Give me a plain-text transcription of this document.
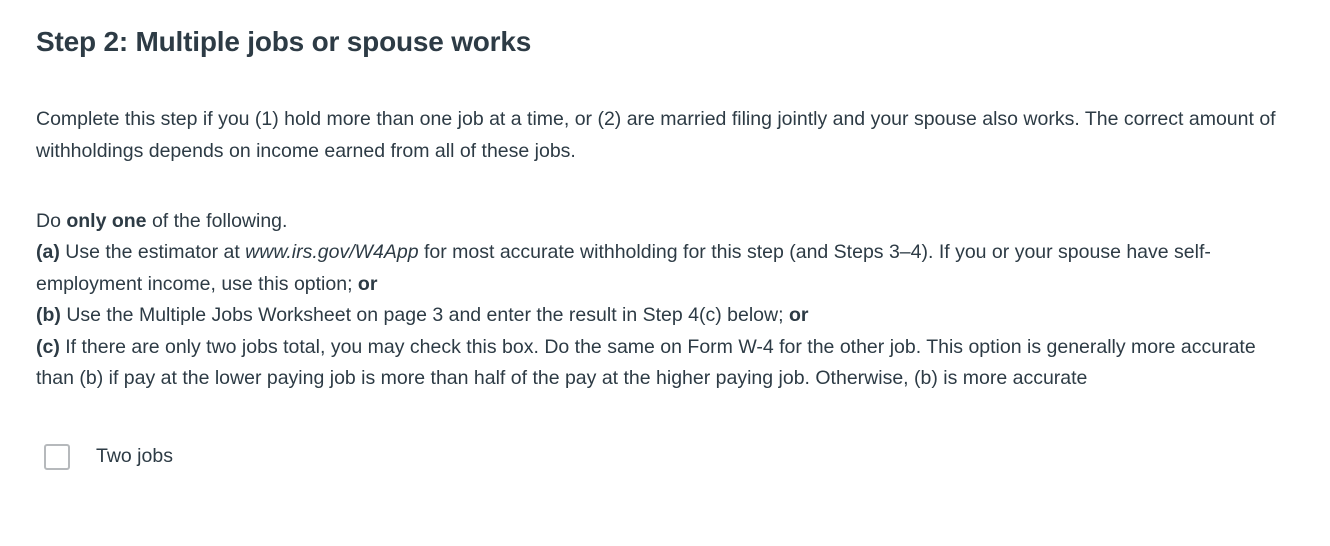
Step 2: Multiple jobs or spouse works

Complete this step if you (1) hold more than one job at a time, or (2) are married filing jointly and your spouse also works. The correct amount of withholdings depends on income earned from all of these jobs.

Do only one of the following.
(a) Use the estimator at www.irs.gov/W4App for most accurate withholding for this step (and Steps 3–4). If you or your spouse have self-employment income, use this option; or
(b) Use the Multiple Jobs Worksheet on page 3 and enter the result in Step 4(c) below; or
(c) If there are only two jobs total, you may check this box. Do the same on Form W-4 for the other job. This option is generally more accurate than (b) if pay at the lower paying job is more than half of the pay at the higher paying job. Otherwise, (b) is more accurate
Two jobs
